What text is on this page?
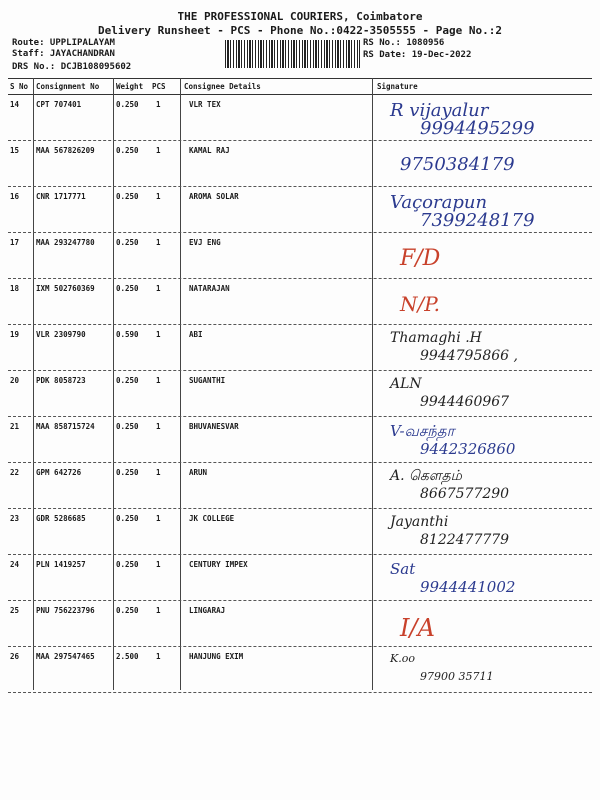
THE PROFESSIONAL COURIERS, Coimbatore
Delivery Runsheet - PCS - Phone No.:0422-3505555 - Page No.:2
Route: UPPLIPALAYAM
Staff: JAYACHANDRAN
DRS No.: DCJB108095602
RS No.: 1080956
RS Date: 19-Dec-2022
S No Consignment No Weight PCS Consignee Details	Signature
14 CPT 707401	0.250 1	VLR TEX	R vijayalur
9994495299
15 MAA 567826209	0.250 1	KAMAL RAJ
9750384179
16 CNR 1717771	0.250 1	AROMA SOLAR	Vaçorapun
7399248179
17 MAA 293247780	0.250 1	EVJ ENG
F/D
18 IXM 502760369	0.250 1	NATARAJAN
N/P.
19 VLR 2309790	0.590 1	ABI	Thamaghi .H
9944795866 ,
20 PDK 8058723	0.250 1	SUGANTHI	ALN
9944460967
21 MAA 858715724	0.250 1	BHUVANESVAR	V-வசந்தா
9442326860
22 GPM 642726	0.250 1	ARUN	A. கௌதம்
8667577290
23 GDR 5286685	0.250 1	JK COLLEGE	Jayanthi
8122477779
24 PLN 1419257	0.250 1	CENTURY IMPEX	Sat
9944441002
25 PNU 756223796	0.250 1	LINGARAJ
I/A
26 MAA 297547465	2.500 1	HANJUNG EXIM	K.oo
97900 35711
